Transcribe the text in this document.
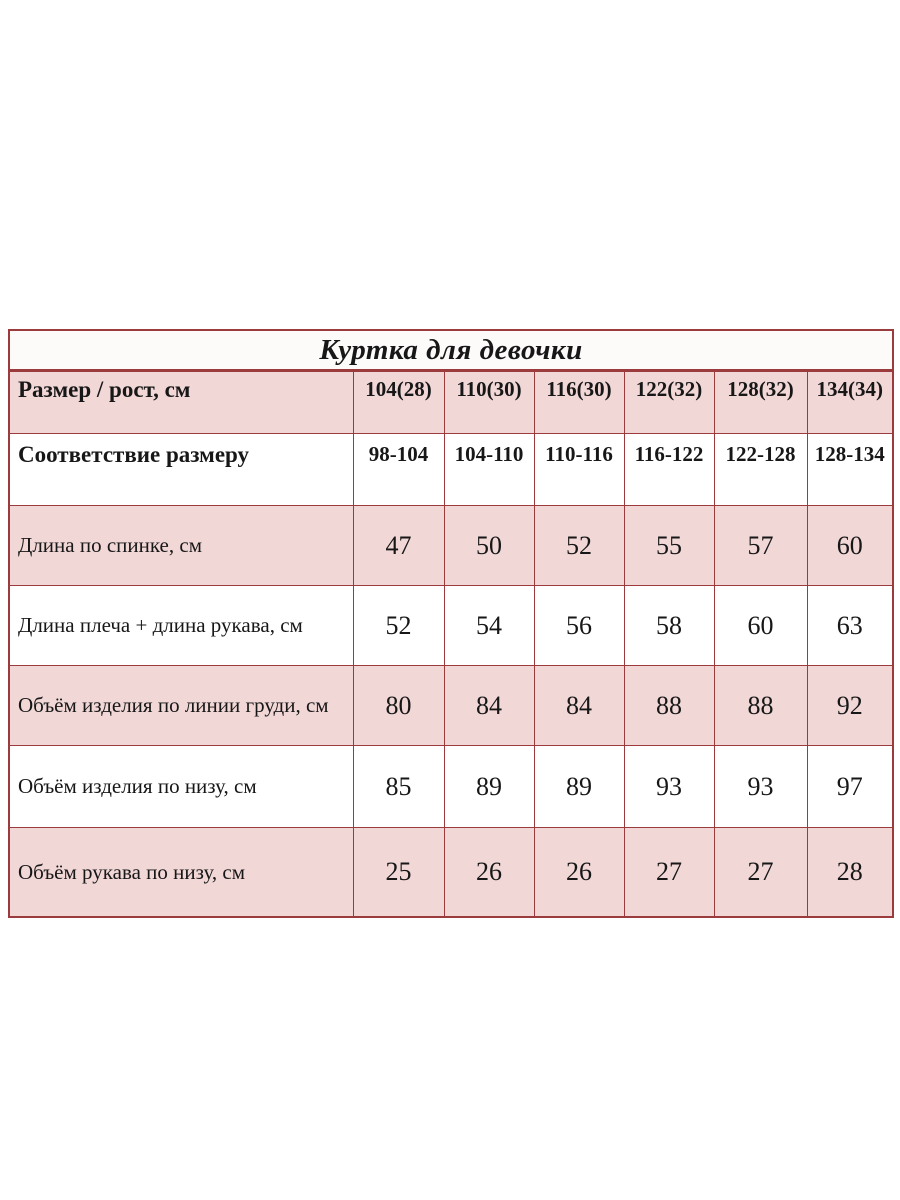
Куртка для девочки						
Размер / рост, см	104(28)	110(30)	116(30)	122(32)	128(32)	134(34)
Соответствие размеру	98-104	104-110	110-116	116-122	122-128	128-134
Длина по спинке, см	47	50	52	55	57	60
Длина плеча + длина рукава, см	52	54	56	58	60	63
Объём изделия по линии груди, см	80	84	84	88	88	92
Объём изделия по низу, см	85	89	89	93	93	97
Объём рукава по низу, см	25	26	26	27	27	28
